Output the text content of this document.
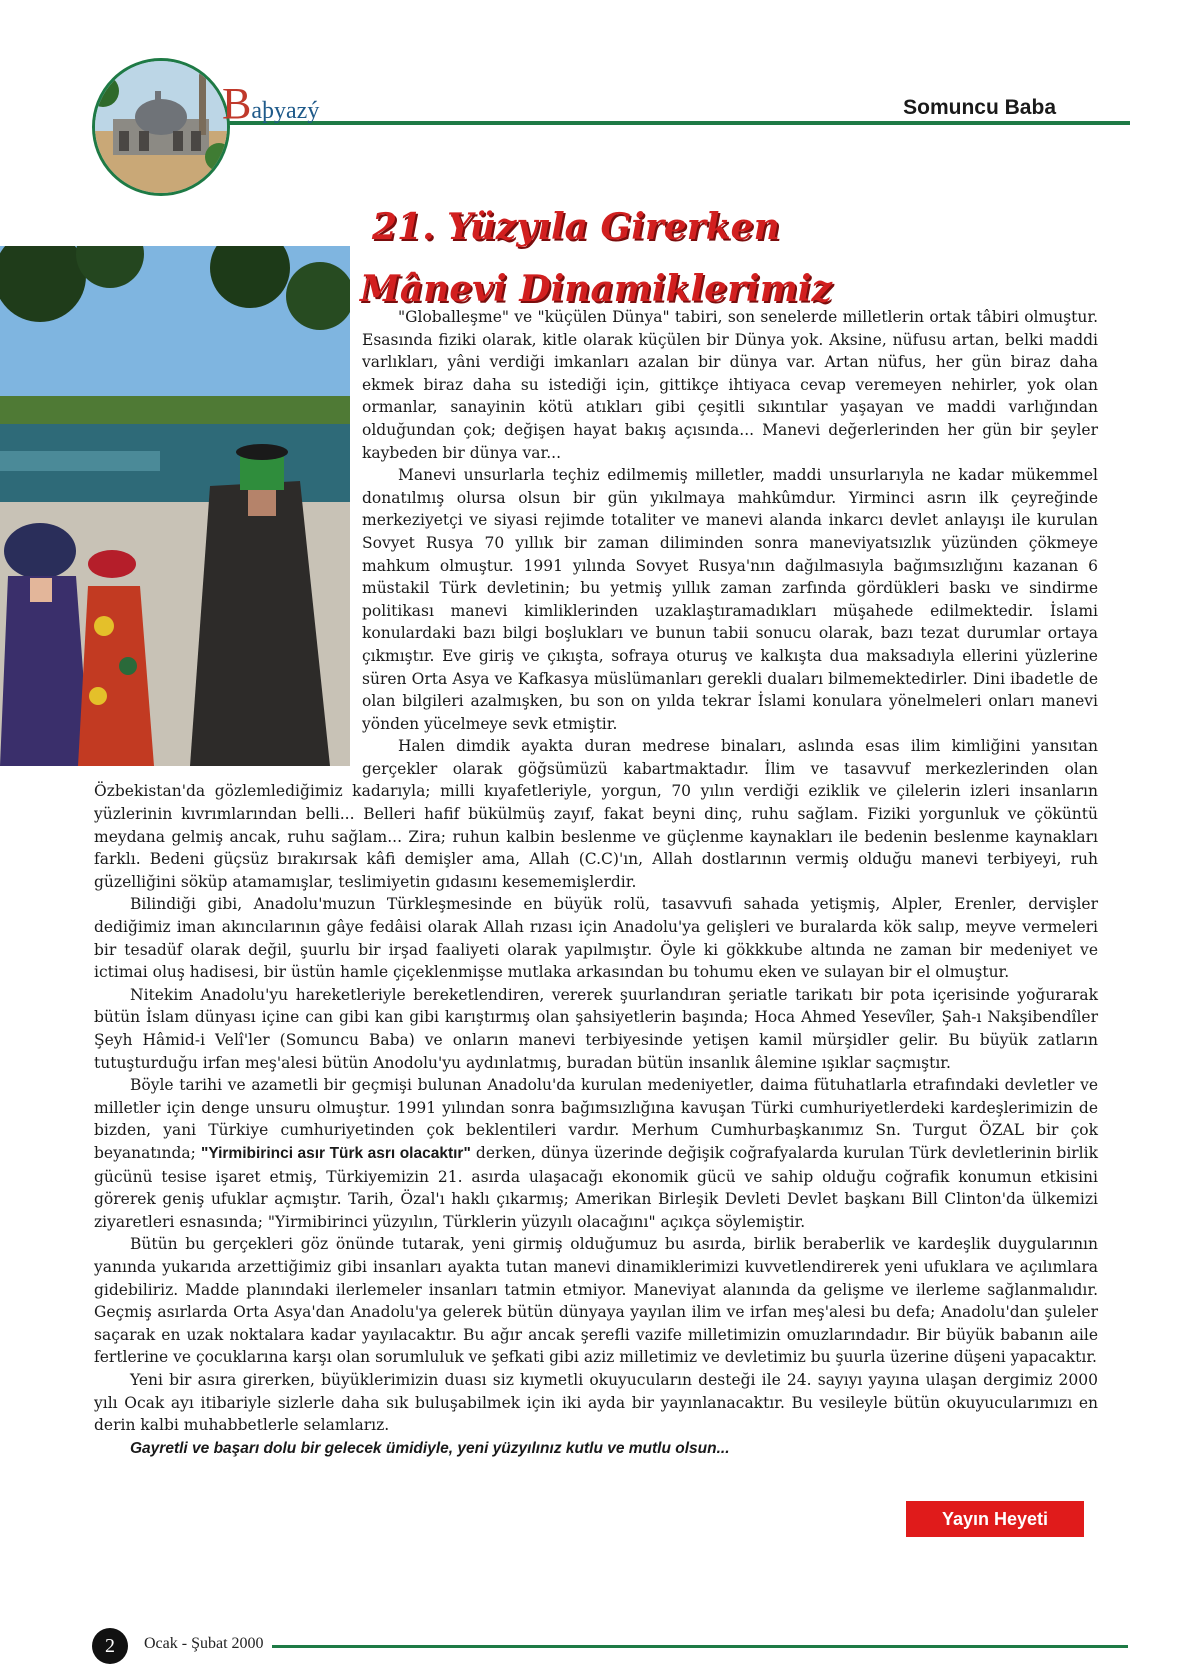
Baþyazý	Somuncu Baba
21. Yüzyıla Girerken
Mânevi Dinamiklerimiz

"Globalleşme" ve "küçülen Dünya" tabiri, son senelerde milletlerin ortak tâbiri olmuştur. Esasında fiziki olarak, kitle olarak küçülen bir Dünya yok. Aksine, nüfusu artan, belki maddi varlıkları, yâni verdiği imkanları azalan bir dünya var. Artan nüfus, her gün biraz daha ekmek biraz daha su istediği için, gittikçe ihtiyaca cevap veremeyen nehirler, yok olan ormanlar, sanayinin kötü atıkları gibi çeşitli sıkıntılar yaşayan ve maddi varlığından olduğundan çok; değişen hayat bakış açısında... Manevi değerlerinden her gün bir şeyler kaybeden bir dünya var...

Manevi unsurlarla teçhiz edilmemiş milletler, maddi unsurlarıyla ne kadar mükemmel donatılmış olursa olsun bir gün yıkılmaya mahkûmdur. Yirminci asrın ilk çeyreğinde merkeziyetçi ve siyasi rejimde totaliter ve manevi alanda inkarcı devlet anlayışı ile kurulan Sovyet Rusya 70 yıllık bir zaman diliminden sonra maneviyatsızlık yüzünden çökmeye mahkum olmuştur. 1991 yılında Sovyet Rusya'nın dağılmasıyla bağımsızlığını kazanan 6 müstakil Türk devletinin; bu yetmiş yıllık zaman zarfında gördükleri baskı ve sindirme politikası manevi kimliklerinden uzaklaştıramadıkları müşahede edilmektedir. İslami konulardaki bazı bilgi boşlukları ve bunun tabii sonucu olarak, bazı tezat durumlar ortaya çıkmıştır. Eve giriş ve çıkışta, sofraya oturuş ve kalkışta dua maksadıyla ellerini yüzlerine süren Orta Asya ve Kafkasya müslümanları gerekli duaları bilmemektedirler. Dini ibadetle de olan bilgileri azalmışken, bu son on yılda tekrar İslami konulara yönelmeleri onları manevi yönden yücelmeye sevk etmiştir.

Halen dimdik ayakta duran medrese binaları, aslında esas ilim kimliğini yansıtan gerçekler olarak göğsümüzü kabartmaktadır. İlim ve tasavvuf merkezlerinden olan Özbekistan'da gözlemlediğimiz kadarıyla; milli kıyafetleriyle, yorgun, 70 yılın verdiği eziklik ve çilelerin izleri insanların yüzlerinin kıvrımlarından belli... Belleri hafif bükülmüş zayıf, fakat beyni dinç, ruhu sağlam. Fiziki yorgunluk ve çöküntü meydana gelmiş ancak, ruhu sağlam... Zira; ruhun kalbin beslenme ve güçlenme kaynakları ile bedenin beslenme kaynakları farklı. Bedeni güçsüz bırakırsak kâfi demişler ama, Allah (C.C)'ın, Allah dostlarının vermiş olduğu manevi terbiyeyi, ruh güzelliğini söküp atamamışlar, teslimiyetin gıdasını kesememişlerdir.

Bilindiği gibi, Anadolu'muzun Türkleşmesinde en büyük rolü, tasavvufi sahada yetişmiş, Alpler, Erenler, dervişler dediğimiz iman akıncılarının gâye fedâisi olarak Allah rızası için Anadolu'ya gelişleri ve buralarda kök salıp, meyve vermeleri bir tesadüf olarak değil, şuurlu bir irşad faaliyeti olarak yapılmıştır. Öyle ki gökkkube altında ne zaman bir medeniyet ve ictimai oluş hadisesi, bir üstün hamle çiçeklenmişse mutlaka arkasından bu tohumu eken ve sulayan bir el olmuştur.

Nitekim Anadolu'yu hareketleriyle bereketlendiren, vererek şuurlandıran şeriatle tarikatı bir pota içerisinde yoğurarak bütün İslam dünyası içine can gibi kan gibi karıştırmış olan şahsiyetlerin başında; Hoca Ahmed Yesevîler, Şah-ı Nakşibendîler Şeyh Hâmid-i Velî'ler (Somuncu Baba) ve onların manevi terbiyesinde yetişen kamil mürşidler gelir. Bu büyük zatların tutuşturduğu irfan meş'alesi bütün Anodolu'yu aydınlatmış, buradan bütün insanlık âlemine ışıklar saçmıştır.

Böyle tarihi ve azametli bir geçmişi bulunan Anadolu'da kurulan medeniyetler, daima fütuhatlarla etrafındaki devletler ve milletler için denge unsuru olmuştur. 1991 yılından sonra bağımsızlığına kavuşan Türki cumhuriyetlerdeki kardeşlerimizin de bizden, yani Türkiye cumhuriyetinden çok beklentileri vardır. Merhum Cumhurbaşkanımız Sn. Turgut ÖZAL bir çok beyanatında; "Yirmibirinci asır Türk asrı olacaktır" derken, dünya üzerinde değişik coğrafyalarda kurulan Türk devletlerinin birlik gücünü tesise işaret etmiş, Türkiyemizin 21. asırda ulaşacağı ekonomik gücü ve sahip olduğu coğrafik konumun etkisini görerek geniş ufuklar açmıştır. Tarih, Özal'ı haklı çıkarmış; Amerikan Birleşik Devleti Devlet başkanı Bill Clinton'da ülkemizi ziyaretleri esnasında; "Yirmibirinci yüzyılın, Türklerin yüzyılı olacağını" açıkça söylemiştir.

Bütün bu gerçekleri göz önünde tutarak, yeni girmiş olduğumuz bu asırda, birlik beraberlik ve kardeşlik duygularının yanında yukarıda arzettiğimiz gibi insanları ayakta tutan manevi dinamiklerimizi kuvvetlendirerek yeni ufuklara ve açılımlara gidebiliriz. Madde planındaki ilerlemeler insanları tatmin etmiyor. Maneviyat alanında da gelişme ve ilerleme sağlanmalıdır. Geçmiş asırlarda Orta Asya'dan Anadolu'ya gelerek bütün dünyaya yayılan ilim ve irfan meş'alesi bu defa; Anadolu'dan şuleler saçarak en uzak noktalara kadar yayılacaktır. Bu ağır ancak şerefli vazife milletimizin omuzlarındadır. Bir büyük babanın aile fertlerine ve çocuklarına karşı olan sorumluluk ve şefkati gibi aziz milletimiz ve devletimiz bu şuurla üzerine düşeni yapacaktır.

Yeni bir asıra girerken, büyüklerimizin duası siz kıymetli okuyucuların desteği ile 24. sayıyı yayına ulaşan dergimiz 2000 yılı Ocak ayı itibariyle sizlerle daha sık buluşabilmek için iki ayda bir yayınlanacaktır. Bu vesileyle bütün okuyucularımızı en derin kalbi muhabbetlerle selamlarız.

Gayretli ve başarı dolu bir gelecek ümidiyle, yeni yüzyılınız kutlu ve mutlu olsun...

Yayın Heyeti
2	Ocak - Şubat 2000
